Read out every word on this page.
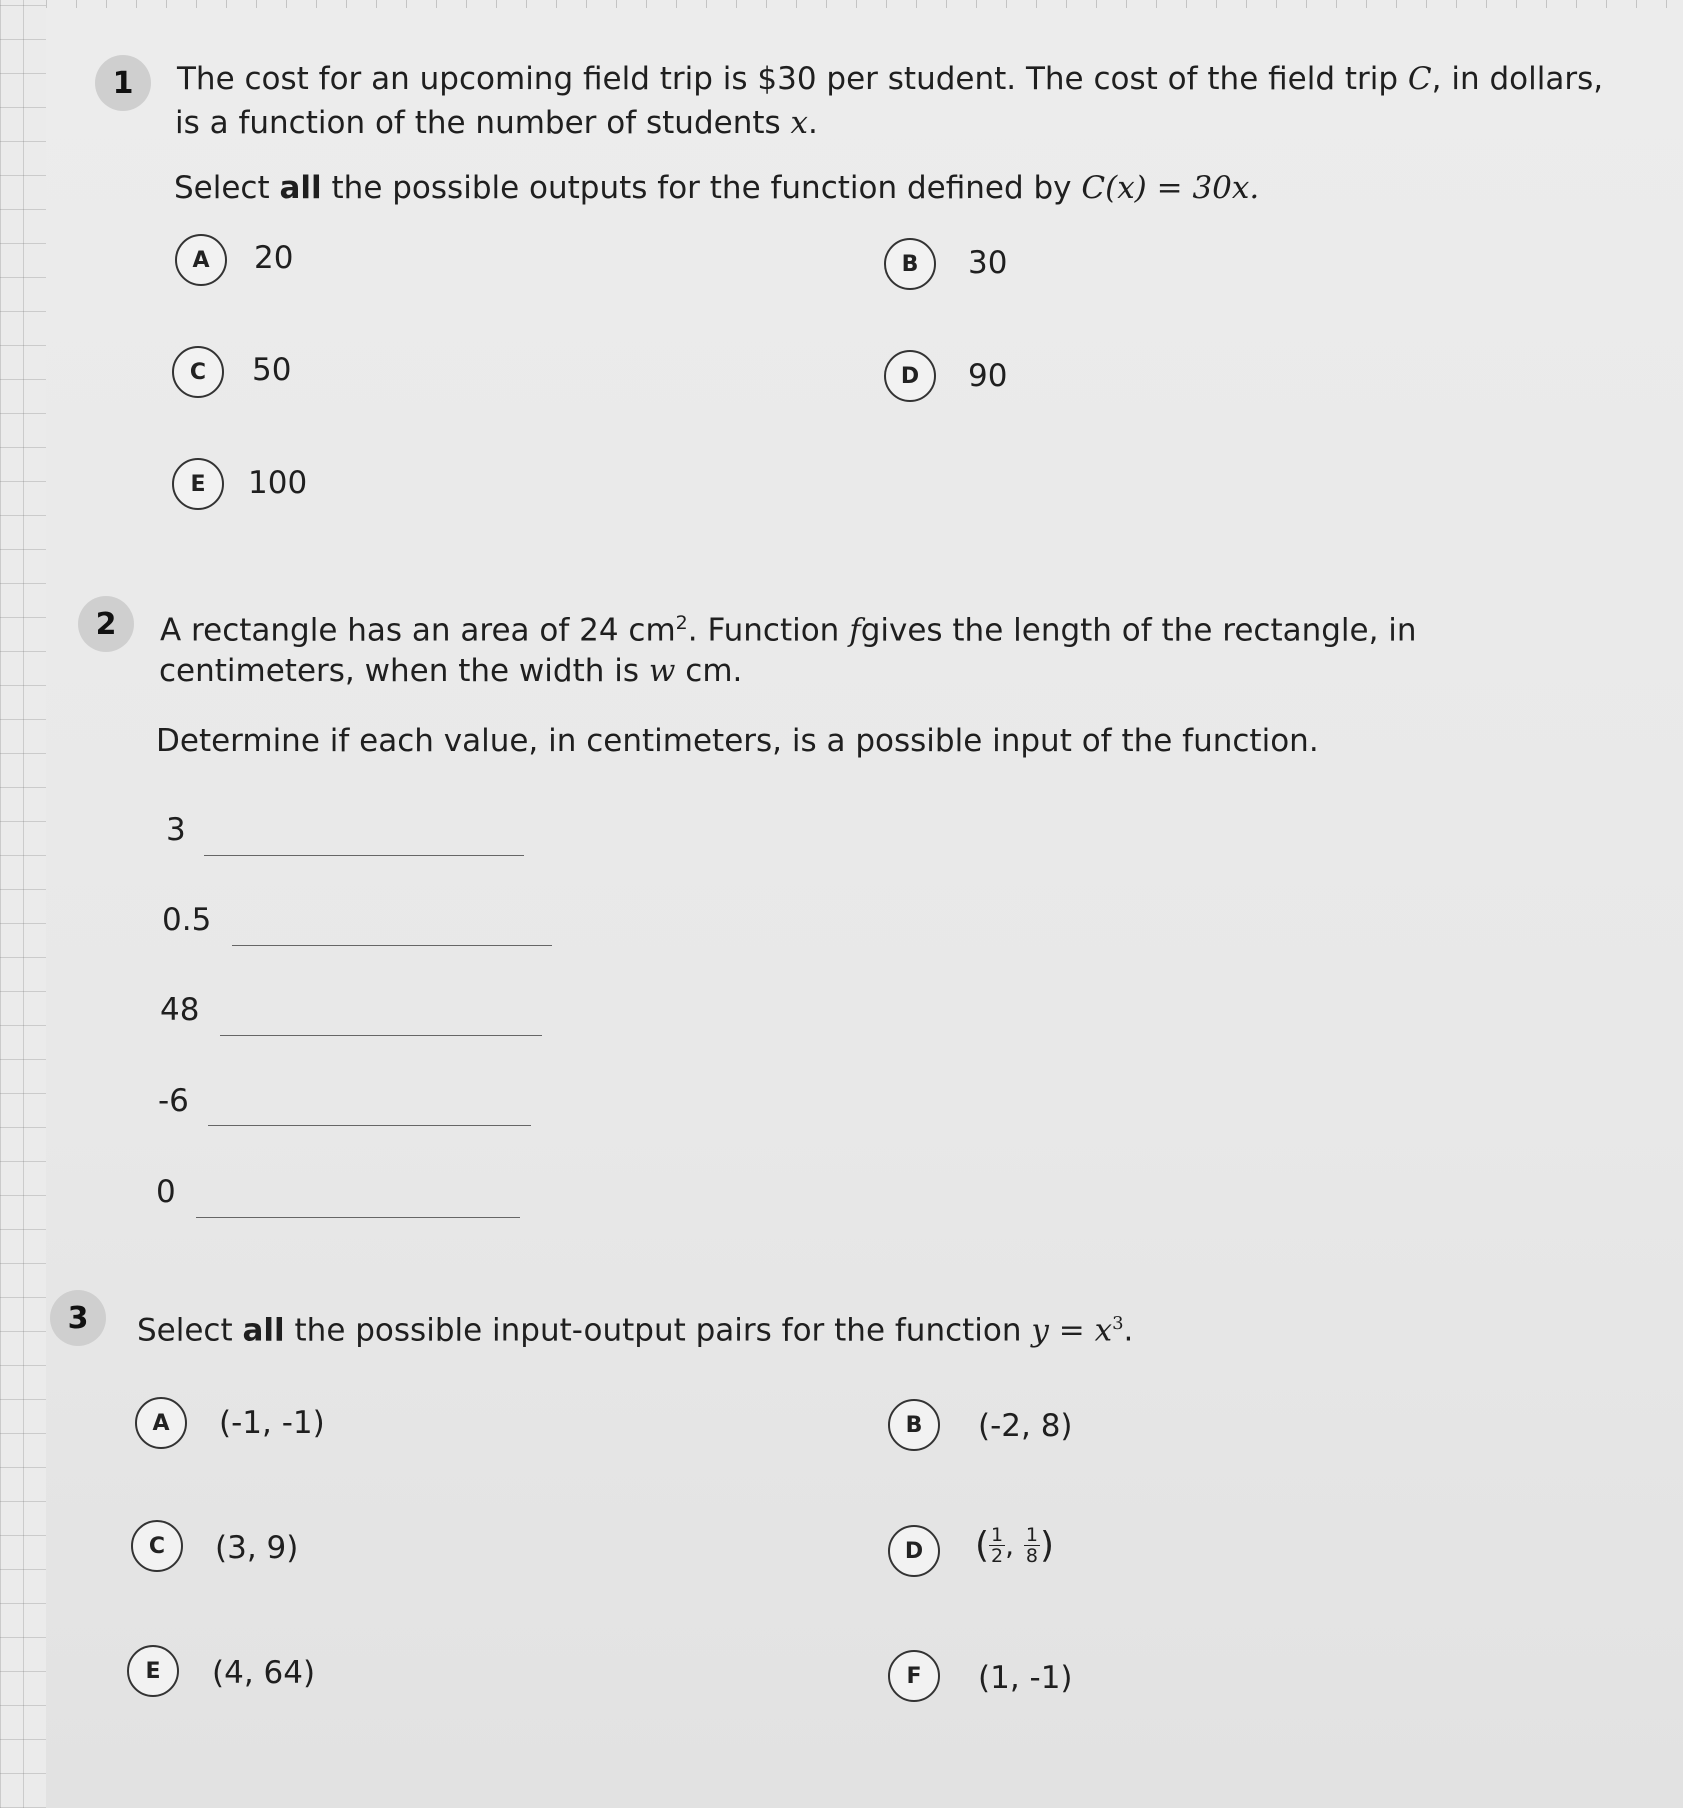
1 The cost for an upcoming field trip is $30 per student. The cost of the field trip C, in dollars,
is a function of the number of students x.
Select all the possible outputs for the function defined by C(x) = 30x.
A 20	B 30
C 50	D 90
E 100
2 A rectangle has an area of 24 $cm^2$. Function fgives the length of the rectangle, in
centimeters, when the width is w cm.
Determine if each value, in centimeters, is a possible input of the function.
3
0.5
48
-6
0
3 Select all the possible input-output pairs for the function $y = x^3$.
A (-1, -1)	B (-2, 8)
C (3, 9)	D ( $\frac{1}{2}$ , $\frac{1}{8}$ )
E (4, 64)	F (1, -1)
